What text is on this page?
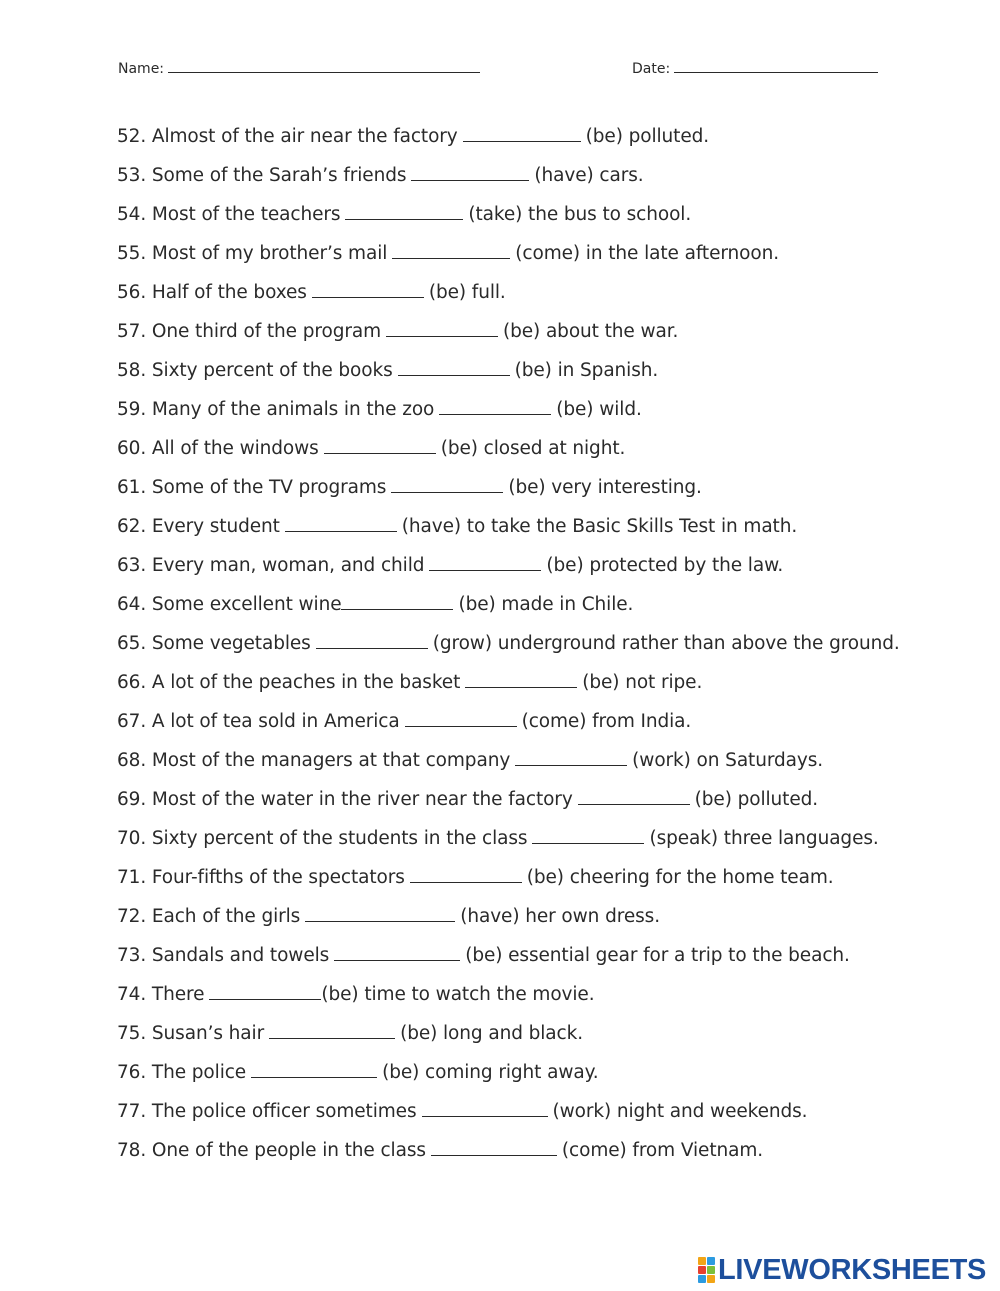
Name:	Date:
52. Almost of the air near the factory	(be) polluted.
53. Some of the Sarah’s friends	(have) cars.
54. Most of the teachers	(take) the bus to school.
55. Most of my brother’s mail	(come) in the late afternoon.
56. Half of the boxes	(be) full.
57. One third of the program	(be) about the war.
58. Sixty percent of the books	(be) in Spanish.
59. Many of the animals in the zoo	(be) wild.
60. All of the windows	(be) closed at night.
61. Some of the TV programs	(be) very interesting.
62. Every student	(have) to take the Basic Skills Test in math.
63. Every man, woman, and child	(be) protected by the law.
64. Some excellent wine	(be) made in Chile.
65. Some vegetables	(grow) underground rather than above the ground.
66. A lot of the peaches in the basket	(be) not ripe.
67. A lot of tea sold in America	(come) from India.
68. Most of the managers at that company	(work) on Saturdays.
69. Most of the water in the river near the factory	(be) polluted.
70. Sixty percent of the students in the class	(speak) three languages.
71. Four-fifths of the spectators	(be) cheering for the home team.
72. Each of the girls	(have) her own dress.
73. Sandals and towels	(be) essential gear for a trip to the beach.
74. There	(be) time to watch the movie.
75. Susan’s hair	(be) long and black.
76. The police	(be) coming right away.
77. The police officer sometimes	(work) night and weekends.
78. One of the people in the class	(come) from Vietnam.
LIVEWORKSHEETS
